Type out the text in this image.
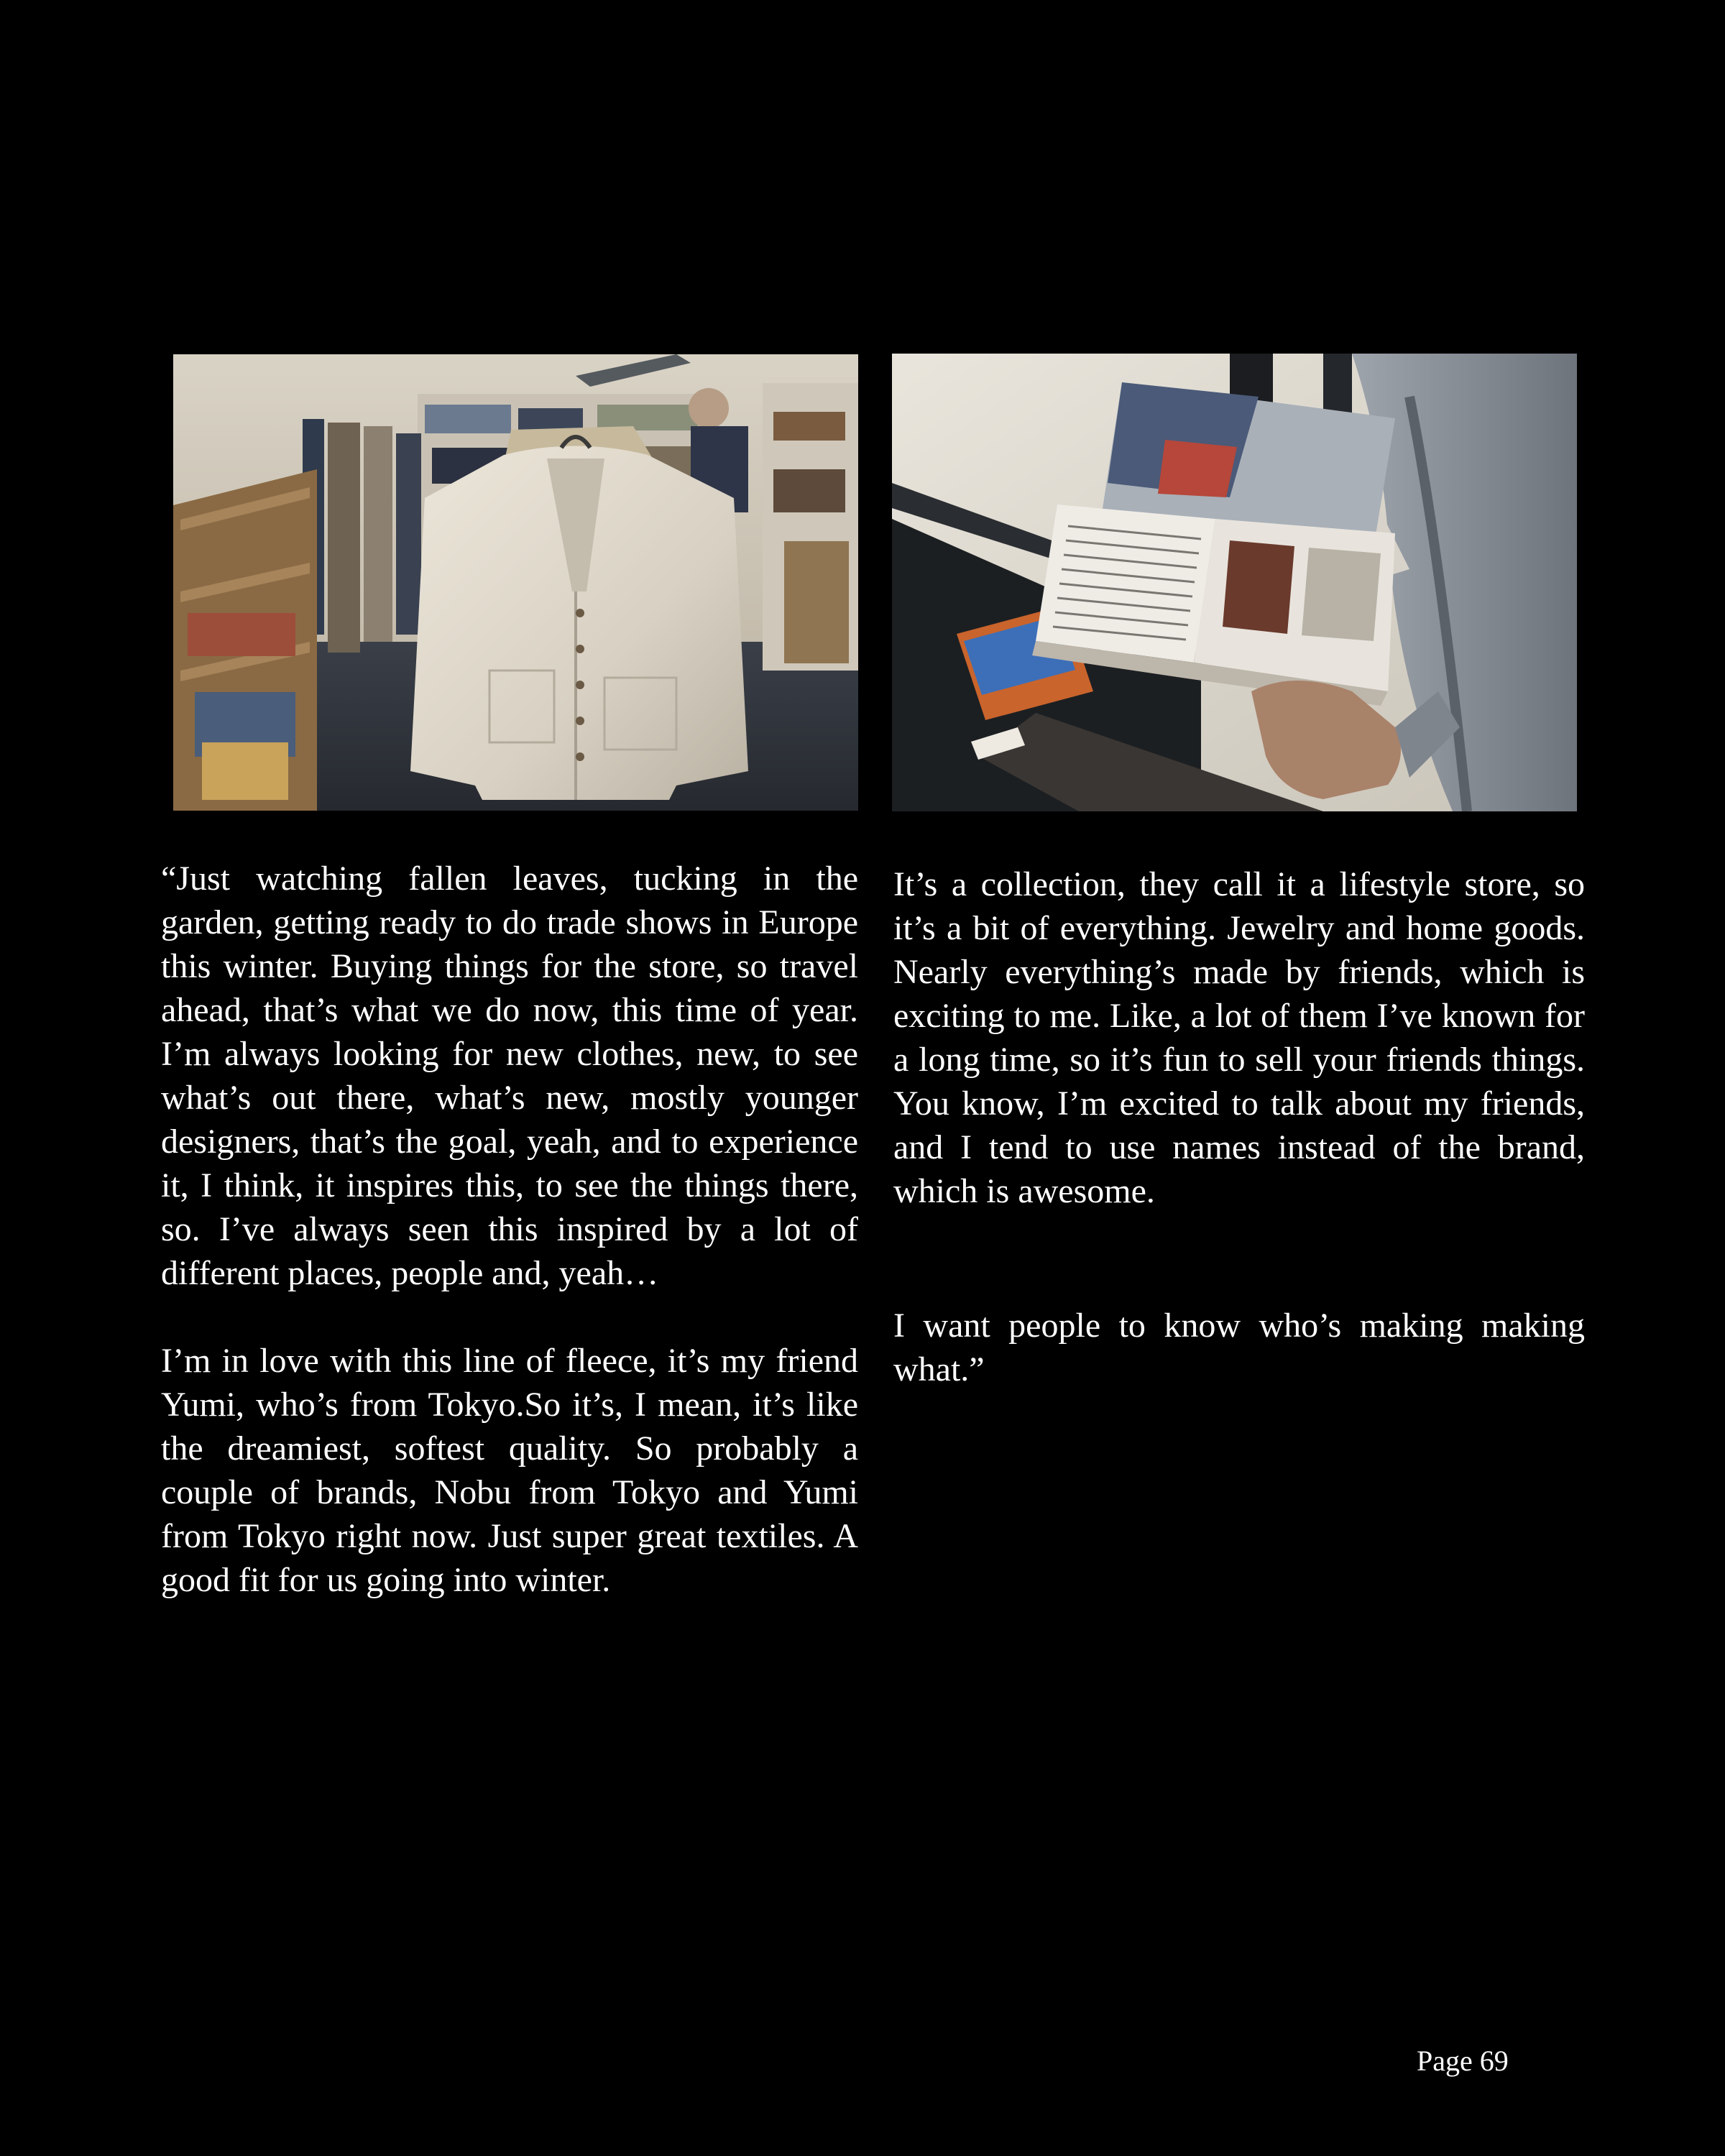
“Just watching fallen leaves, tucking in the garden, getting ready to do trade shows in Europe this winter. Buying things for the store, so travel ahead, that’s what we do now, this time of year. I’m always looking for new clothes, new, to see what’s out there, what’s new, mostly younger designers, that’s the goal, yeah, and to experience it, I think, it inspires this, to see the things there, so. I’ve always seen this inspired by a lot of different places, people and, yeah…

I’m in love with this line of fleece, it’s my friend Yumi, who’s from Tokyo.So it’s, I mean, it’s like the dreamiest, softest quality. So probably a couple of brands, Nobu from Tokyo and Yumi from Tokyo right now. Just super great textiles. A good fit for us going into winter.

It’s a collection, they call it a lifestyle store, so it’s a bit of everything. Jewelry and home goods. Nearly everything’s made by friends, which is exciting to me. Like, a lot of them I’ve known for a long time, so it’s fun to sell your friends things. You know, I’m excited to talk about my friends, and I tend to use names instead of the brand, which is awesome.

I want people to know who’s making making what.”

Page 69
